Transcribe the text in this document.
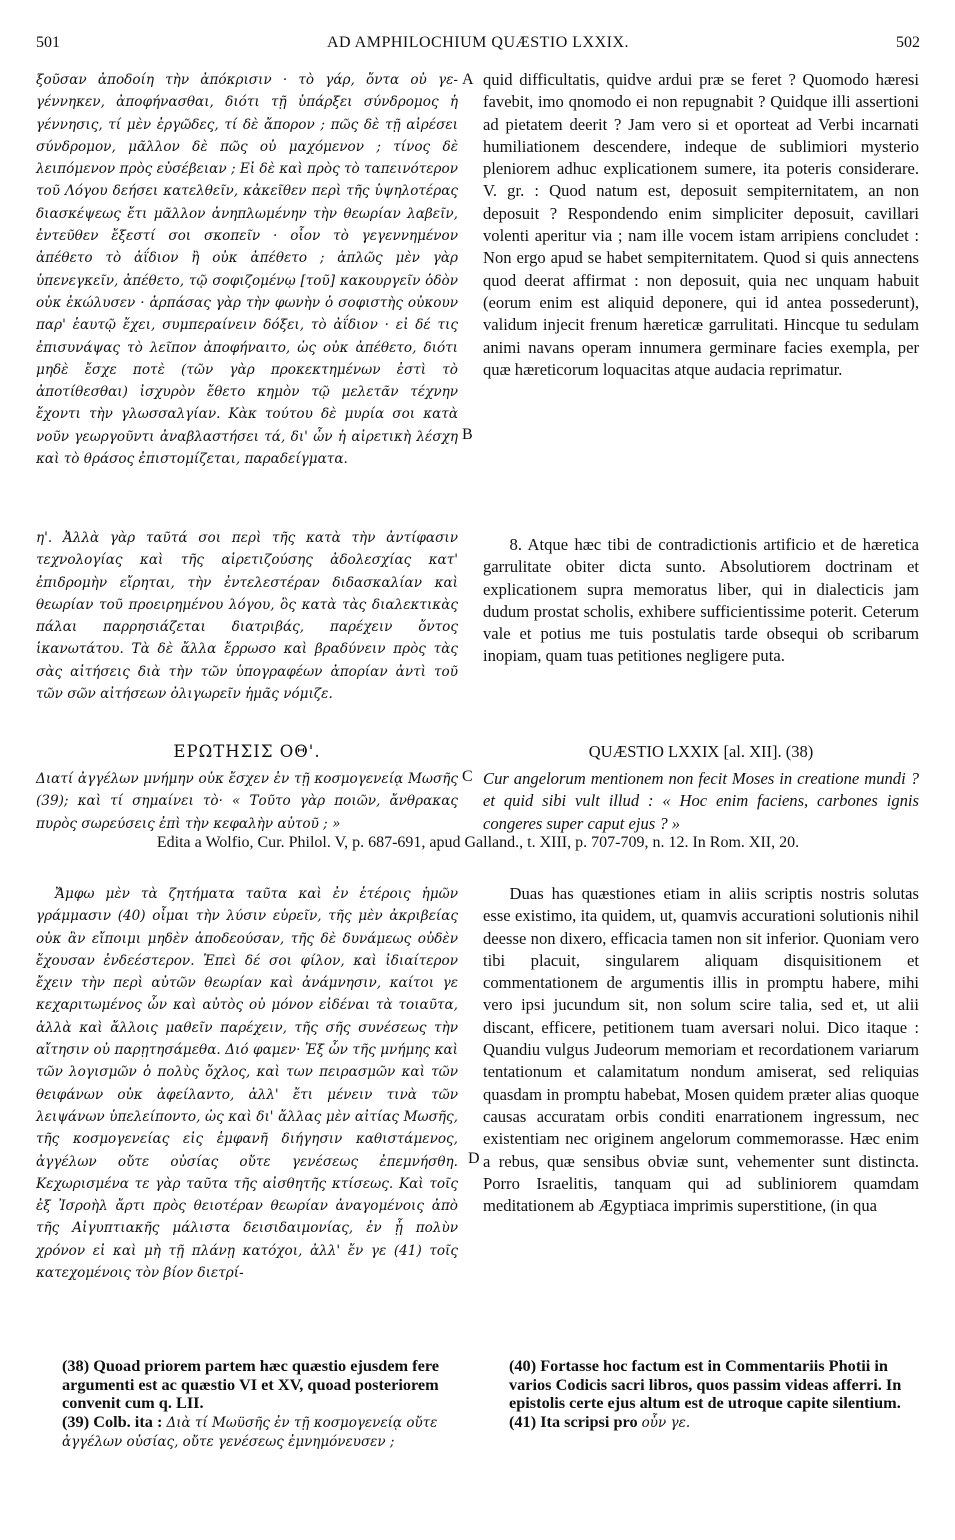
501	AD AMPHILOCHIUM QUÆSTIO LXXIX.	502
A
B
C
D

ξοῦσαν ἀποδοίη τὴν ἀπόκρισιν · τὸ γάρ, ὄντα οὐ γε-γέννηκεν, ἀποφήνασθαι, διότι τῇ ὑπάρξει σύνδρομος ἡ γέννησις, τί μὲν ἐργῶδες, τί δὲ ἄπορον ; πῶς δὲ τῇ αἱρέσει σύνδρομον, μᾶλλον δὲ πῶς οὐ μαχόμενον ; τίνος δὲ λειπόμενον πρὸς εὐσέβειαν ; Εἰ δὲ καὶ πρὸς τὸ ταπεινότερον τοῦ Λόγου δεήσει κατελθεῖν, κἀκεῖθεν περὶ τῆς ὑψηλοτέρας διασκέψεως ἔτι μᾶλλον ἀνηπλωμένην τὴν θεωρίαν λαβεῖν, ἐντεῦθεν ἔξεστί σοι σκοπεῖν · οἷον τὸ γεγεννημένον ἀπέθετο τὸ ἀΐδιον ἢ οὐκ ἀπέθετο ; ἁπλῶς μὲν γὰρ ὑπενεγκεῖν, ἀπέθετο, τῷ σοφιζομένῳ [τοῦ] κακουργεῖν ὁδὸν οὐκ ἐκώλυσεν · ἁρπάσας γὰρ τὴν φωνὴν ὁ σοφιστὴς οὐκουν παρ' ἑαυτῷ ἔχει, συμπεραίνειν δόξει, τὸ ἀΐδιον · εἰ δέ τις ἐπισυνάψας τὸ λεῖπον ἀποφήναιτο, ὡς οὐκ ἀπέθετο, διότι μηδὲ ἔσχε ποτὲ (τῶν γὰρ προκεκτημένων ἐστὶ τὸ ἀποτίθεσθαι) ἰσχυρὸν ἔθετο κημὸν τῷ μελετᾶν τέχνην ἔχοντι τὴν γλωσσαλγίαν. Κὰκ τούτου δὲ μυρία σοι κατὰ νοῦν γεωργοῦντι ἀναβλαστήσει τά, δι' ὧν ἡ αἱρετικὴ λέσχη καὶ τὸ θράσος ἐπιστομίζεται, παραδείγματα.

quid difficultatis, quidve ardui præ se feret ? Quomodo hæresi favebit, imo qnomodo ei non repugnabit ? Quidque illi assertioni ad pietatem deerit ? Jam vero si et oporteat ad Verbi incarnati humiliationem descendere, indeque de sublimiori mysterio pleniorem adhuc explicationem sumere, ita poteris considerare. V. gr. : Quod natum est, deposuit sempiternitatem, an non deposuit ? Respondendo enim simpliciter deposuit, cavillari volenti aperitur via ; nam ille vocem istam arripiens concludet : Non ergo apud se habet sempiternitatem. Quod si quis annectens quod deerat affirmat : non deposuit, quia nec unquam habuit (eorum enim est aliquid deponere, qui id antea possederunt), validum injecit frenum hæreticæ garrulitati. Hincque tu sedulam animi navans operam innumera germinare facies exempla, per quæ hæreticorum loquacitas atque audacia reprimatur.

η'. Ἀλλὰ γὰρ ταῦτά σοι περὶ τῆς κατὰ τὴν ἀντίφασιν τεχνολογίας καὶ τῆς αἱρετιζούσης ἀδολεσχίας κατ' ἐπιδρομὴν εἴρηται, τὴν ἐντελεστέραν διδασκαλίαν καὶ θεωρίαν τοῦ προειρημένου λόγου, ὃς κατὰ τὰς διαλεκτικὰς πάλαι παρρησιάζεται διατριβάς, παρέχειν ὄντος ἱκανωτάτου. Τὰ δὲ ἄλλα ἔρρωσο καὶ βραδύνειν πρὸς τὰς σὰς αἰτήσεις διὰ τὴν τῶν ὑπογραφέων ἀπορίαν ἀντὶ τοῦ τῶν σῶν αἰτήσεων ὀλιγωρεῖν ἡμᾶς νόμιζε.

8. Atque hæc tibi de contradictionis artificio et de hæretica garrulitate obiter dicta sunto. Absolutiorem doctrinam et explicationem supra memoratus liber, qui in dialecticis jam dudum prostat scholis, exhibere sufficientissime poterit. Ceterum vale et potius me tuis postulatis tarde obsequi ob scribarum inopiam, quam tuas petitiones negligere puta.

ΕΡΩΤΗΣΙΣ ΟΘ'.	QUÆSTIO LXXIX [al. XII]. (38)

Διατί ἀγγέλων μνήμην οὐκ ἔσχεν ἐν τῇ κοσμογενείᾳ Μωσῆς (39); καὶ τί σημαίνει τὸ· « Τοῦτο γὰρ ποιῶν, ἄνθρακας πυρὸς σωρεύσεις ἐπὶ τὴν κεφαλὴν αὐτοῦ ; »

Cur angelorum mentionem non fecit Moses in creatione mundi ? et quid sibi vult illud : « Hoc enim faciens, carbones ignis congeres super caput ejus ? »

Edita a Wolfio, Cur. Philol. V, p. 687-691, apud Galland., t. XIII, p. 707-709, n. 12. In Rom. XII, 20.

Ἄμφω μὲν τὰ ζητήματα ταῦτα καὶ ἐν ἑτέροις ἡμῶν γράμμασιν (40) οἶμαι τὴν λύσιν εὑρεῖν, τῆς μὲν ἀκριβείας οὐκ ἂν εἴποιμι μηδὲν ἀποδεούσαν, τῆς δὲ δυνάμεως οὐδὲν ἔχουσαν ἐνδεέστερον. Ἐπεὶ δέ σοι φίλον, καὶ ἰδιαίτερον ἔχειν τὴν περὶ αὐτῶν θεωρίαν καὶ ἀνάμνησιν, καίτοι γε κεχαριτωμένος ὧν καὶ αὐτὸς οὐ μόνον εἰδέναι τὰ τοιαῦτα, ἀλλὰ καὶ ἄλλοις μαθεῖν παρέχειν, τῆς σῆς συνέσεως τὴν αἴτησιν οὐ παρῃτησάμεθα. Διό φαμεν· Ἐξ ὧν τῆς μνήμης καὶ τῶν λογισμῶν ὁ πολὺς ὄχλος, καὶ των πειρασμῶν καὶ τῶν θειφάνων οὐκ ἀφείλαντο, ἀλλ' ἔτι μένειν τινὰ τῶν λειψάνων ὑπελείποντο, ὡς καὶ δι' ἄλλας μὲν αἰτίας Μωσῆς, τῆς κοσμογενείας εἰς ἐμφανῆ διήγησιν καθιστάμενος, ἀγγέλων οὔτε οὐσίας οὔτε γενέσεως ἐπεμνήσθη. Κεχωρισμένα τε γὰρ ταῦτα τῆς αἰσθητῆς κτίσεως. Καὶ τοῖς ἐξ Ἰσροὴλ ἄρτι πρὸς θειοτέραν θεωρίαν ἀναγομένοις ἀπὸ τῆς Αἰγυπτιακῆς μάλιστα δεισιδαιμονίας, ἐν ᾗ πολὺν χρόνον εἰ καὶ μὴ τῇ πλάνῃ κατόχοι, ἀλλ' ἔν γε (41) τοῖς κατεχομένοις τὸν βίον διετρί-

Duas has quæstiones etiam in aliis scriptis nostris solutas esse existimo, ita quidem, ut, quamvis accurationi solutionis nihil deesse non dixero, efficacia tamen non sit inferior. Quoniam vero tibi placuit, singularem aliquam disquisitionem et commentationem de argumentis illis in promptu habere, mihi vero ipsi jucundum sit, non solum scire talia, sed et, ut alii discant, efficere, petitionem tuam aversari nolui. Dico itaque : Quandiu vulgus Judeorum memoriam et recordationem variarum tentationum et calamitatum nondum amiserat, sed reliquias quasdam in promptu habebat, Mosen quidem præter alias quoque causas accuratam orbis conditi enarrationem ingressum, nec existentiam nec originem angelorum commemorasse. Hæc enim a rebus, quæ sensibus obviæ sunt, vehementer sunt distincta. Porro Israelitis, tanquam qui ad subliniorem quamdam meditationem ab Ægyptiaca imprimis superstitione, (in qua

(38) Quoad priorem partem hæc quæstio ejusdem fere argumenti est ac quæstio VI et XV, quoad posteriorem convenit cum q. LII.

(39) Colb. ita : Διὰ τί Μωϋσῆς ἐν τῇ κοσμογενείᾳ οὔτε ἀγγέλων οὐσίας, οὔτε γενέσεως ἐμνημόνευσεν ;

(40) Fortasse hoc factum est in Commentariis Photii in varios Codicis sacri libros, quos passim videas afferri. In epistolis certe ejus altum est de utroque capite silentium.

(41) Ita scripsi pro οὖν γε.
